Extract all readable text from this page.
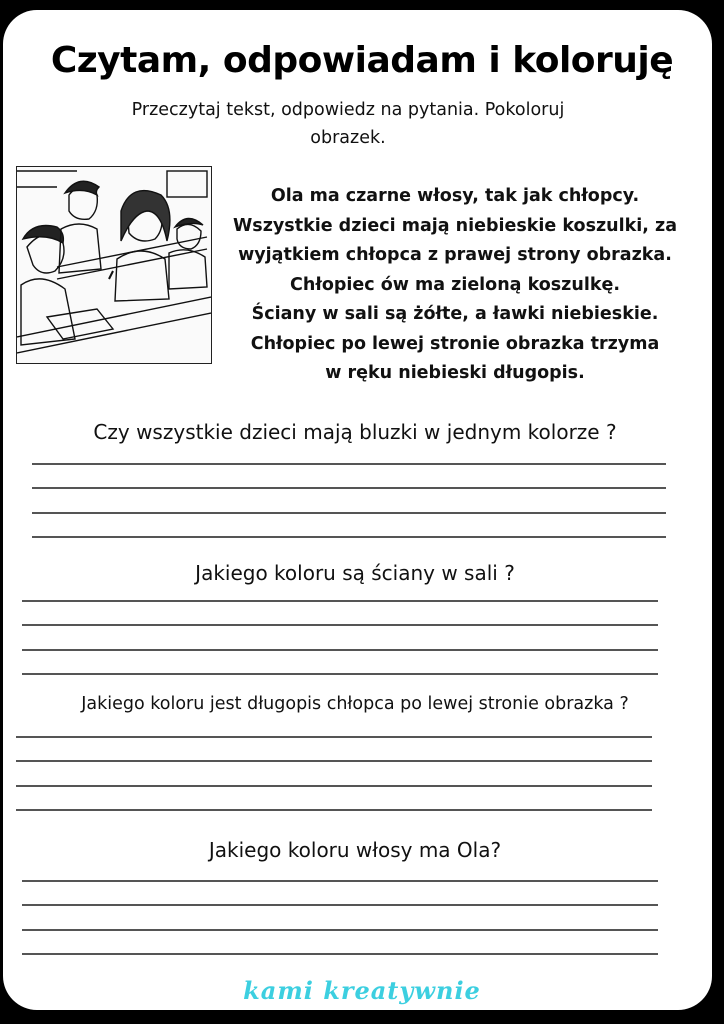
Czytam, odpowiadam i koloruję
Przeczytaj tekst, odpowiedz na pytania. Pokoloruj
obrazek.
Ola ma czarne włosy, tak jak chłopcy.
Wszystkie dzieci mają niebieskie koszulki, za
wyjątkiem chłopca z prawej strony obrazka.
Chłopiec ów ma zieloną koszulkę.
Ściany w sali są żółte, a ławki niebieskie.
Chłopiec po lewej stronie obrazka trzyma
w ręku niebieski długopis.
Czy wszystkie dzieci mają bluzki w jednym kolorze ?
Jakiego koloru są ściany w sali ?
Jakiego koloru jest długopis chłopca po lewej stronie obrazka ?
Jakiego koloru włosy ma Ola?
kami kreatywnie
